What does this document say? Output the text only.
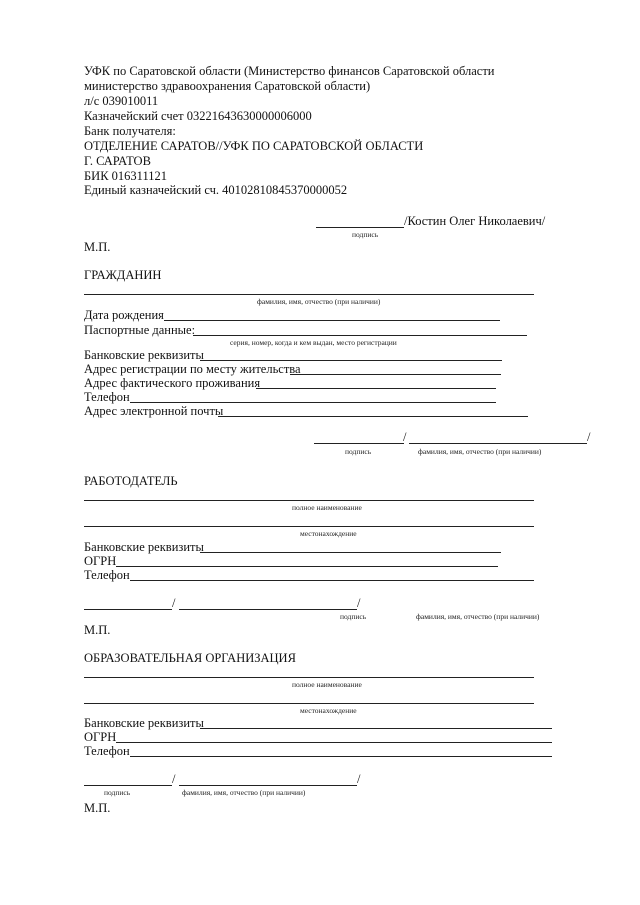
УФК по Саратовской области (Министерство финансов Саратовской области
министерство здравоохранения Саратовской области)
л/с 039010011
Казначейский счет 03221643630000006000
Банк получателя:
ОТДЕЛЕНИЕ САРАТОВ//УФК ПО САРАТОВСКОЙ ОБЛАСТИ
Г. САРАТОВ
БИК 016311121
Единый казначейский сч. 40102810845370000052
/Костин Олег Николаевич/
подпись
М.П.
ГРАЖДАНИН
фамилия, имя, отчество (при наличии)
Дата рождения
Паспортные данные:
серия, номер, когда и кем выдан, место регистрации
Банковские реквизиты
Адрес регистрации по месту жительства
Адрес фактического проживания
Телефон
Адрес электронной почты
/	/
подпись	фамилия, имя, отчество (при наличии)
РАБОТОДАТЕЛЬ
полное наименование
местонахождение
Банковские реквизиты
ОГРН
Телефон
/	/
подпись	фамилия, имя, отчество (при наличии)
М.П.
ОБРАЗОВАТЕЛЬНАЯ ОРГАНИЗАЦИЯ
полное наименование
местонахождение
Банковские реквизиты
ОГРН
Телефон
/	/
подпись	фамилия, имя, отчество (при наличии)
М.П.
